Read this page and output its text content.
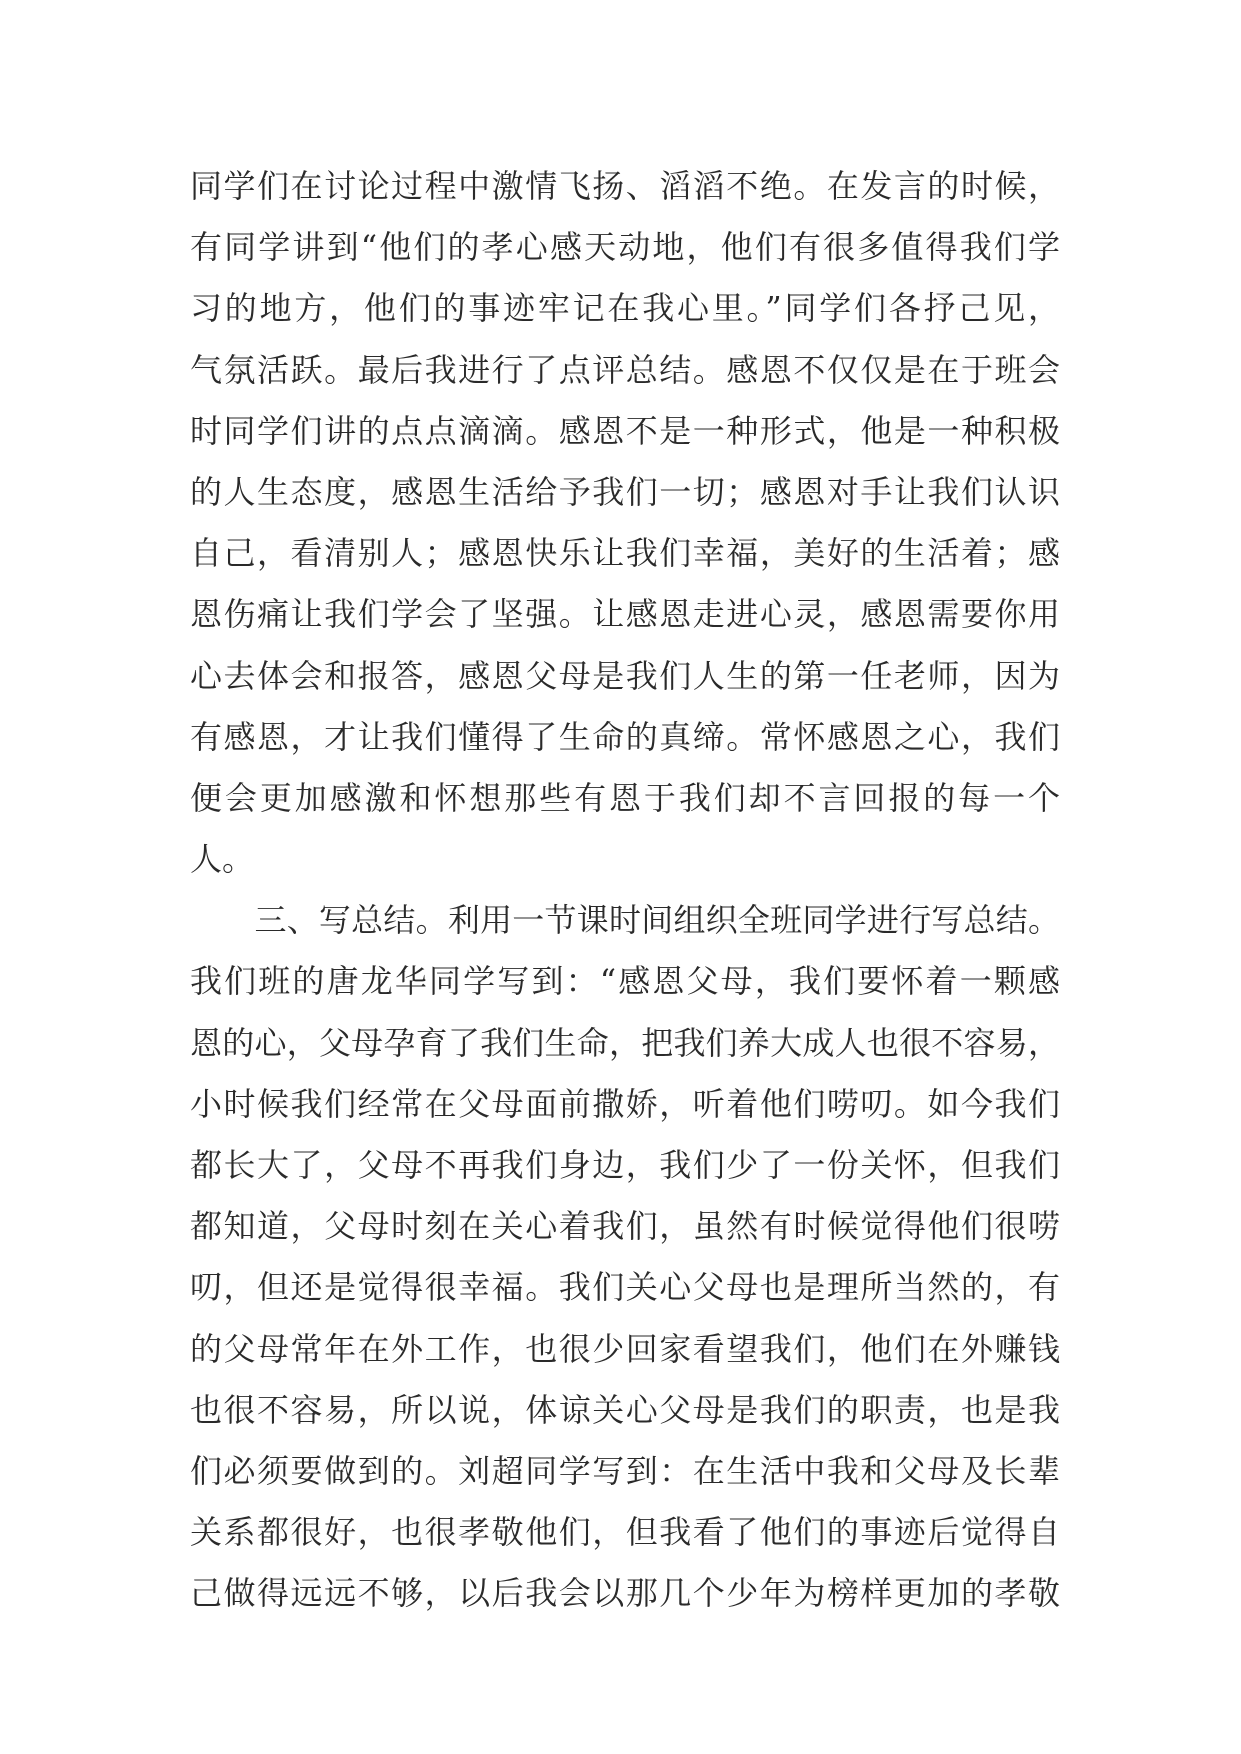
同学们在讨论过程中激情飞扬、滔滔不绝。在发言的时候，
有同学讲到“他们的孝心感天动地，他们有很多值得我们学
习的地方，他们的事迹牢记在我心里。”同学们各抒己见，
气氛活跃。最后我进行了点评总结。感恩不仅仅是在于班会
时同学们讲的点点滴滴。感恩不是一种形式，他是一种积极
的人生态度，感恩生活给予我们一切；感恩对手让我们认识
自己，看清别人；感恩快乐让我们幸福，美好的生活着；感
恩伤痛让我们学会了坚强。让感恩走进心灵，感恩需要你用
心去体会和报答，感恩父母是我们人生的第一任老师，因为
有感恩，才让我们懂得了生命的真缔。常怀感恩之心，我们
便会更加感激和怀想那些有恩于我们却不言回报的每一个
人。
　　三、写总结。利用一节课时间组织全班同学进行写总结。
我们班的唐龙华同学写到：“感恩父母，我们要怀着一颗感
恩的心，父母孕育了我们生命，把我们养大成人也很不容易，
小时候我们经常在父母面前撒娇，听着他们唠叨。如今我们
都长大了，父母不再我们身边，我们少了一份关怀，但我们
都知道，父母时刻在关心着我们，虽然有时候觉得他们很唠
叨，但还是觉得很幸福。我们关心父母也是理所当然的，有
的父母常年在外工作，也很少回家看望我们，他们在外赚钱
也很不容易，所以说，体谅关心父母是我们的职责，也是我
们必须要做到的。刘超同学写到：在生活中我和父母及长辈
关系都很好，也很孝敬他们，但我看了他们的事迹后觉得自
己做得远远不够，以后我会以那几个少年为榜样更加的孝敬
